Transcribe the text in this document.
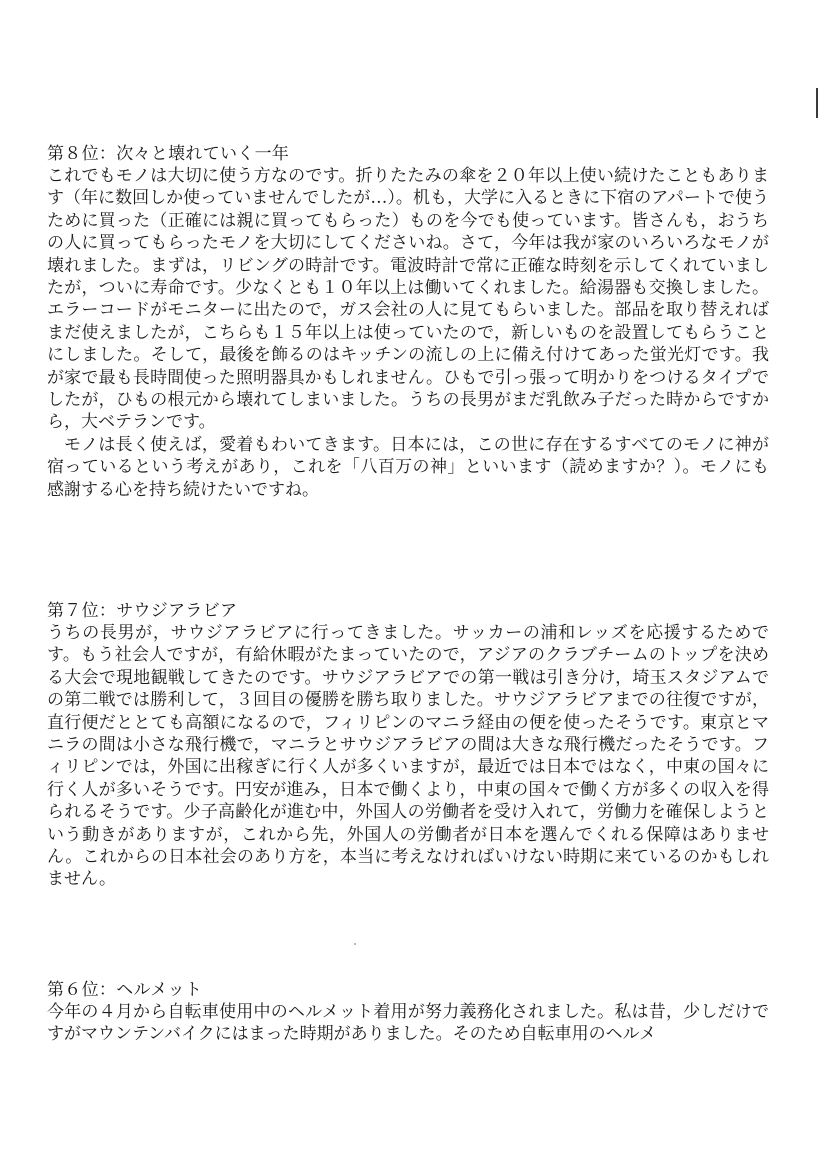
第８位：次々と壊れていく一年

これでもモノは大切に使う方なのです。折りたたみの傘を２０年以上使い続けたこともあります（年に数回しか使っていませんでしたが…）。机も，大学に入るときに下宿のアパートで使うために買った（正確には親に買ってもらった）ものを今でも使っています。皆さんも，おうちの人に買ってもらったモノを大切にしてくださいね。さて，今年は我が家のいろいろなモノが壊れました。まずは，リビングの時計です。電波時計で常に正確な時刻を示してくれていましたが，ついに寿命です。少なくとも１０年以上は働いてくれました。給湯器も交換しました。エラーコードがモニターに出たので，ガス会社の人に見てもらいました。部品を取り替えればまだ使えましたが，こちらも１５年以上は使っていたので，新しいものを設置してもらうことにしました。そして，最後を飾るのはキッチンの流しの上に備え付けてあった蛍光灯です。我が家で最も長時間使った照明器具かもしれません。ひもで引っ張って明かりをつけるタイプでしたが，ひもの根元から壊れてしまいました。うちの長男がまだ乳飲み子だった時からですから，大ベテランです。

モノは長く使えば，愛着もわいてきます。日本には，この世に存在するすべてのモノに神が宿っているという考えがあり，これを「八百万の神」といいます（読めますか？）。モノにも感謝する心を持ち続けたいですね。

第７位：サウジアラビア

うちの長男が，サウジアラビアに行ってきました。サッカーの浦和レッズを応援するためです。もう社会人ですが，有給休暇がたまっていたので，アジアのクラブチームのトップを決める大会で現地観戦してきたのです。サウジアラビアでの第一戦は引き分け，埼玉スタジアムでの第二戦では勝利して，３回目の優勝を勝ち取りました。サウジアラビアまでの往復ですが，直行便だととても高額になるので，フィリピンのマニラ経由の便を使ったそうです。東京とマニラの間は小さな飛行機で，マニラとサウジアラビアの間は大きな飛行機だったそうです。フィリピンでは，外国に出稼ぎに行く人が多くいますが，最近では日本ではなく，中東の国々に行く人が多いそうです。円安が進み，日本で働くより，中東の国々で働く方が多くの収入を得られるそうです。少子高齢化が進む中，外国人の労働者を受け入れて，労働力を確保しようという動きがありますが，これから先，外国人の労働者が日本を選んでくれる保障はありません。これからの日本社会のあり方を，本当に考えなければいけない時期に来ているのかもしれません。

第６位：ヘルメット

今年の４月から自転車使用中のヘルメット着用が努力義務化されました。私は昔，少しだけですがマウンテンバイクにはまった時期がありました。そのため自転車用のヘルメ
